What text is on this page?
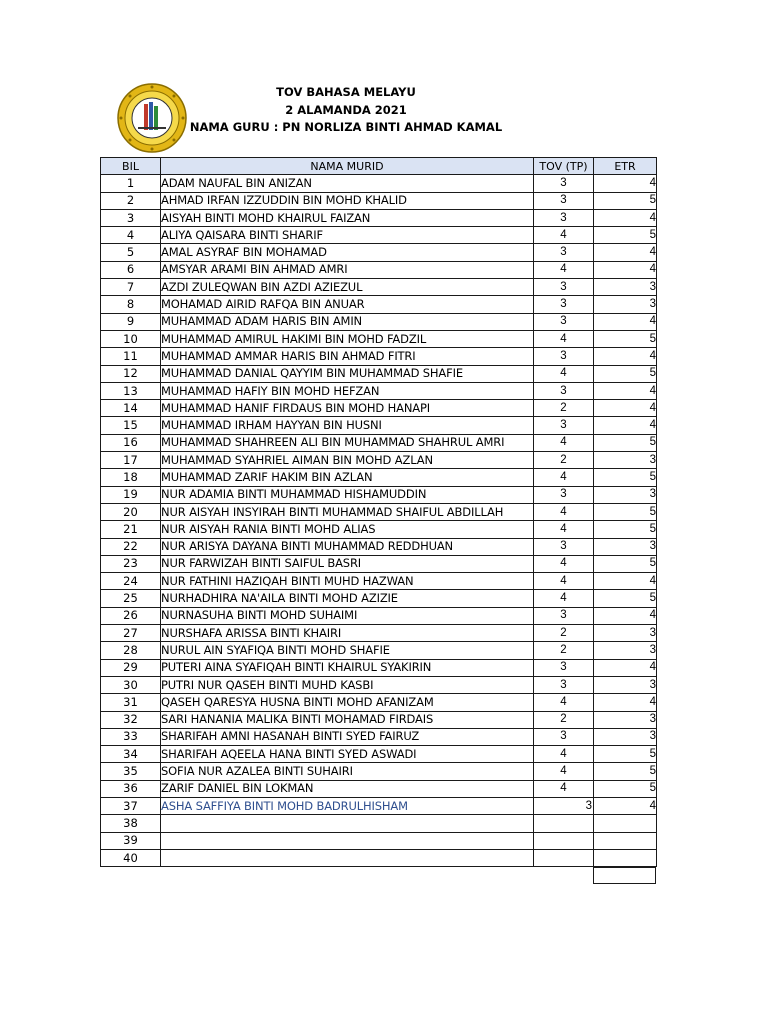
TOV BAHASA MELAYU
2 ALAMANDA 2021
NAMA GURU : PN NORLIZA BINTI AHMAD KAMAL
BIL	NAMA MURID	TOV (TP)	ETR
1	ADAM NAUFAL BIN ANIZAN	3	4
2	AHMAD IRFAN IZZUDDIN BIN MOHD KHALID	3	5
3	AISYAH BINTI MOHD KHAIRUL FAIZAN	3	4
4	ALIYA QAISARA BINTI SHARIF	4	5
5	AMAL ASYRAF BIN MOHAMAD	3	4
6	AMSYAR ARAMI BIN AHMAD AMRI	4	4
7	AZDI ZULEQWAN BIN AZDI AZIEZUL	3	3
8	MOHAMAD AIRID RAFQA BIN ANUAR	3	3
9	MUHAMMAD ADAM HARIS BIN AMIN	3	4
10	MUHAMMAD AMIRUL HAKIMI BIN MOHD FADZIL	4	5
11	MUHAMMAD AMMAR HARIS BIN AHMAD FITRI	3	4
12	MUHAMMAD DANIAL QAYYIM BIN MUHAMMAD SHAFIE	4	5
13	MUHAMMAD HAFIY BIN MOHD HEFZAN	3	4
14	MUHAMMAD HANIF FIRDAUS BIN MOHD HANAPI	2	4
15	MUHAMMAD IRHAM HAYYAN BIN HUSNI	3	4
16	MUHAMMAD SHAHREEN ALI BIN MUHAMMAD SHAHRUL AMRI	4	5
17	MUHAMMAD SYAHRIEL AIMAN BIN MOHD AZLAN	2	3
18	MUHAMMAD ZARIF HAKIM BIN AZLAN	4	5
19	NUR ADAMIA BINTI MUHAMMAD HISHAMUDDIN	3	3
20	NUR AISYAH INSYIRAH BINTI MUHAMMAD SHAIFUL ABDILLAH	4	5
21	NUR AISYAH RANIA BINTI MOHD ALIAS	4	5
22	NUR ARISYA DAYANA BINTI MUHAMMAD REDDHUAN	3	3
23	NUR FARWIZAH BINTI SAIFUL BASRI	4	5
24	NUR FATHINI HAZIQAH BINTI MUHD HAZWAN	4	4
25	NURHADHIRA NA'AILA BINTI MOHD AZIZIE	4	5
26	NURNASUHA BINTI MOHD SUHAIMI	3	4
27	NURSHAFA ARISSA BINTI KHAIRI	2	3
28	NURUL AIN SYAFIQA BINTI MOHD SHAFIE	2	3
29	PUTERI AINA SYAFIQAH BINTI KHAIRUL SYAKIRIN	3	4
30	PUTRI NUR QASEH BINTI MUHD KASBI	3	3
31	QASEH QARESYA HUSNA BINTI MOHD AFANIZAM	4	4
32	SARI HANANIA MALIKA BINTI MOHAMAD FIRDAIS	2	3
33	SHARIFAH AMNI HASANAH BINTI SYED FAIRUZ	3	3
34	SHARIFAH AQEELA HANA BINTI SYED ASWADI	4	5
35	SOFIA NUR AZALEA BINTI SUHAIRI	4	5
36	ZARIF DANIEL BIN LOKMAN	4	5
37	ASHA SAFFIYA BINTI MOHD BADRULHISHAM	3	4
38			
39			
40			
